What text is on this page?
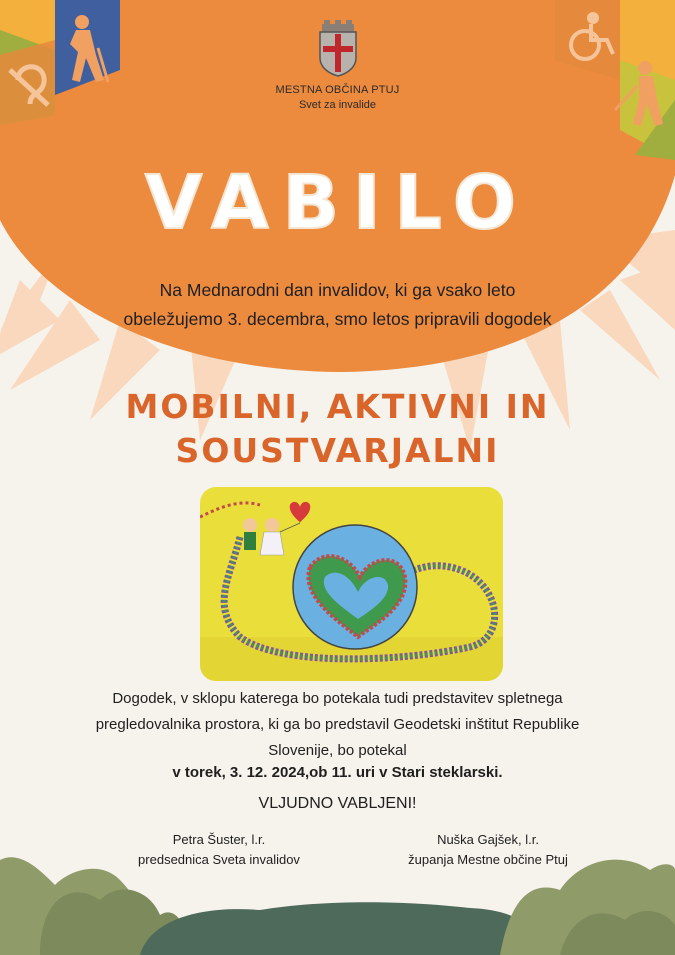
MESTNA OBČINA PTUJ
Svet za invalide
VABILO
Na Mednarodni dan invalidov, ki ga vsako leto obeležujemo 3. decembra, smo letos pripravili dogodek
MOBILNI, AKTIVNI IN
SOUSTVARJALNI
Dogodek, v sklopu katerega bo potekala tudi predstavitev spletnega pregledovalnika prostora, ki ga bo predstavil Geodetski inštitut Republike Slovenije, bo potekal
v torek, 3. 12. 2024,ob 11. uri v Stari steklarski.
VLJUDNO VABLJENI!
Petra Šuster, l.r.
predsednica Sveta invalidov
Nuška Gajšek, l.r.
županja Mestne občine Ptuj
